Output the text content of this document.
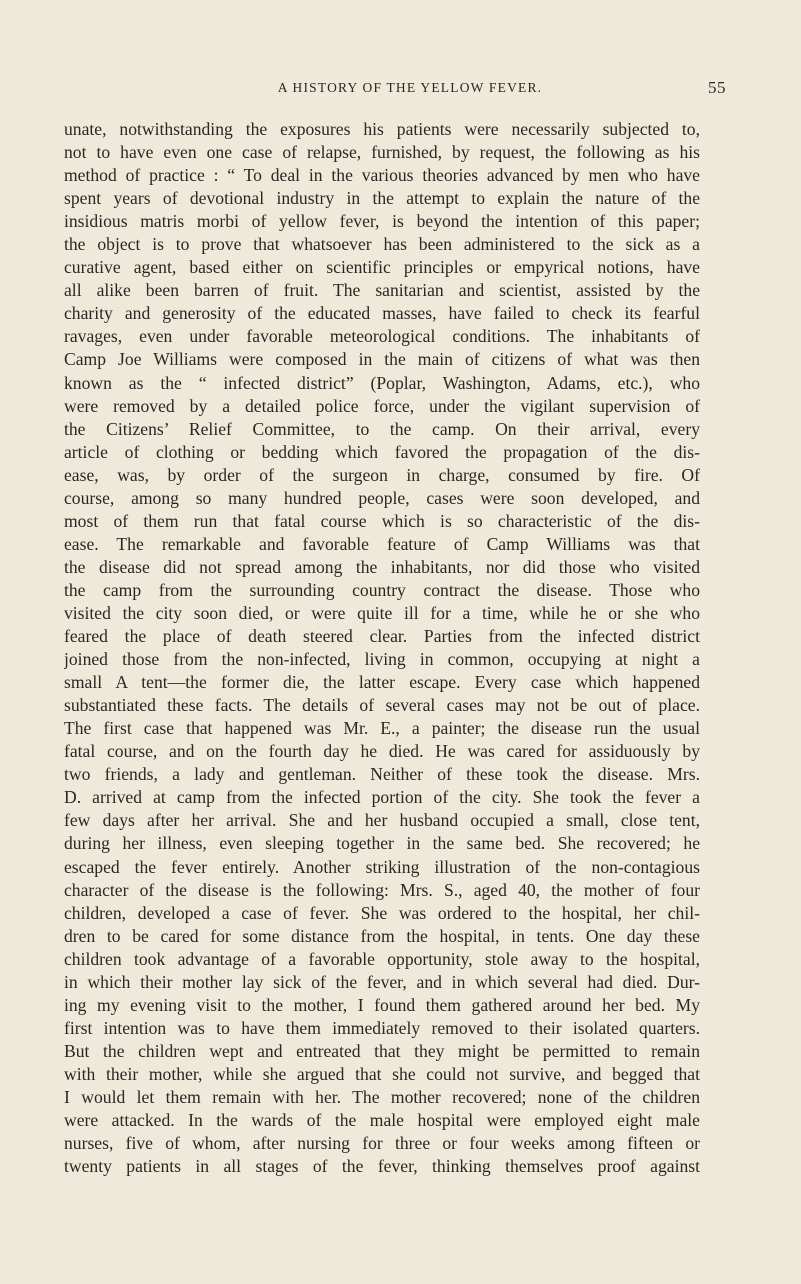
A HISTORY OF THE YELLOW FEVER.	55
unate, notwithstanding the exposures his patients were necessarily subjected to,
not to have even one case of relapse, furnished, by request, the following as his
method of practice : “ To deal in the various theories advanced by men who have
spent years of devotional industry in the attempt to explain the nature of the
insidious matris morbi of yellow fever, is beyond the intention of this paper;
the object is to prove that whatsoever has been administered to the sick as a
curative agent, based either on scientific principles or empyrical notions, have
all alike been barren of fruit. The sanitarian and scientist, assisted by the
charity and generosity of the educated masses, have failed to check its fearful
ravages, even under favorable meteorological conditions. The inhabitants of
Camp Joe Williams were composed in the main of citizens of what was then
known as the “ infected district” (Poplar, Washington, Adams, etc.), who
were removed by a detailed police force, under the vigilant supervision of
the Citizens’ Relief Committee, to the camp. On their arrival, every
article of clothing or bedding which favored the propagation of the dis-
ease, was, by order of the surgeon in charge, consumed by fire. Of
course, among so many hundred people, cases were soon developed, and
most of them run that fatal course which is so characteristic of the dis-
ease. The remarkable and favorable feature of Camp Williams was that
the disease did not spread among the inhabitants, nor did those who visited
the camp from the surrounding country contract the disease. Those who
visited the city soon died, or were quite ill for a time, while he or she who
feared the place of death steered clear. Parties from the infected district
joined those from the non-infected, living in common, occupying at night a
small A tent—the former die, the latter escape. Every case which happened
substantiated these facts. The details of several cases may not be out of place.
The first case that happened was Mr. E., a painter; the disease run the usual
fatal course, and on the fourth day he died. He was cared for assiduously by
two friends, a lady and gentleman. Neither of these took the disease. Mrs.
D. arrived at camp from the infected portion of the city. She took the fever a
few days after her arrival. She and her husband occupied a small, close tent,
during her illness, even sleeping together in the same bed. She recovered; he
escaped the fever entirely. Another striking illustration of the non-contagious
character of the disease is the following: Mrs. S., aged 40, the mother of four
children, developed a case of fever. She was ordered to the hospital, her chil-
dren to be cared for some distance from the hospital, in tents. One day these
children took advantage of a favorable opportunity, stole away to the hospital,
in which their mother lay sick of the fever, and in which several had died. Dur-
ing my evening visit to the mother, I found them gathered around her bed. My
first intention was to have them immediately removed to their isolated quarters.
But the children wept and entreated that they might be permitted to remain
with their mother, while she argued that she could not survive, and begged that
I would let them remain with her. The mother recovered; none of the children
were attacked. In the wards of the male hospital were employed eight male
nurses, five of whom, after nursing for three or four weeks among fifteen or
twenty patients in all stages of the fever, thinking themselves proof against
